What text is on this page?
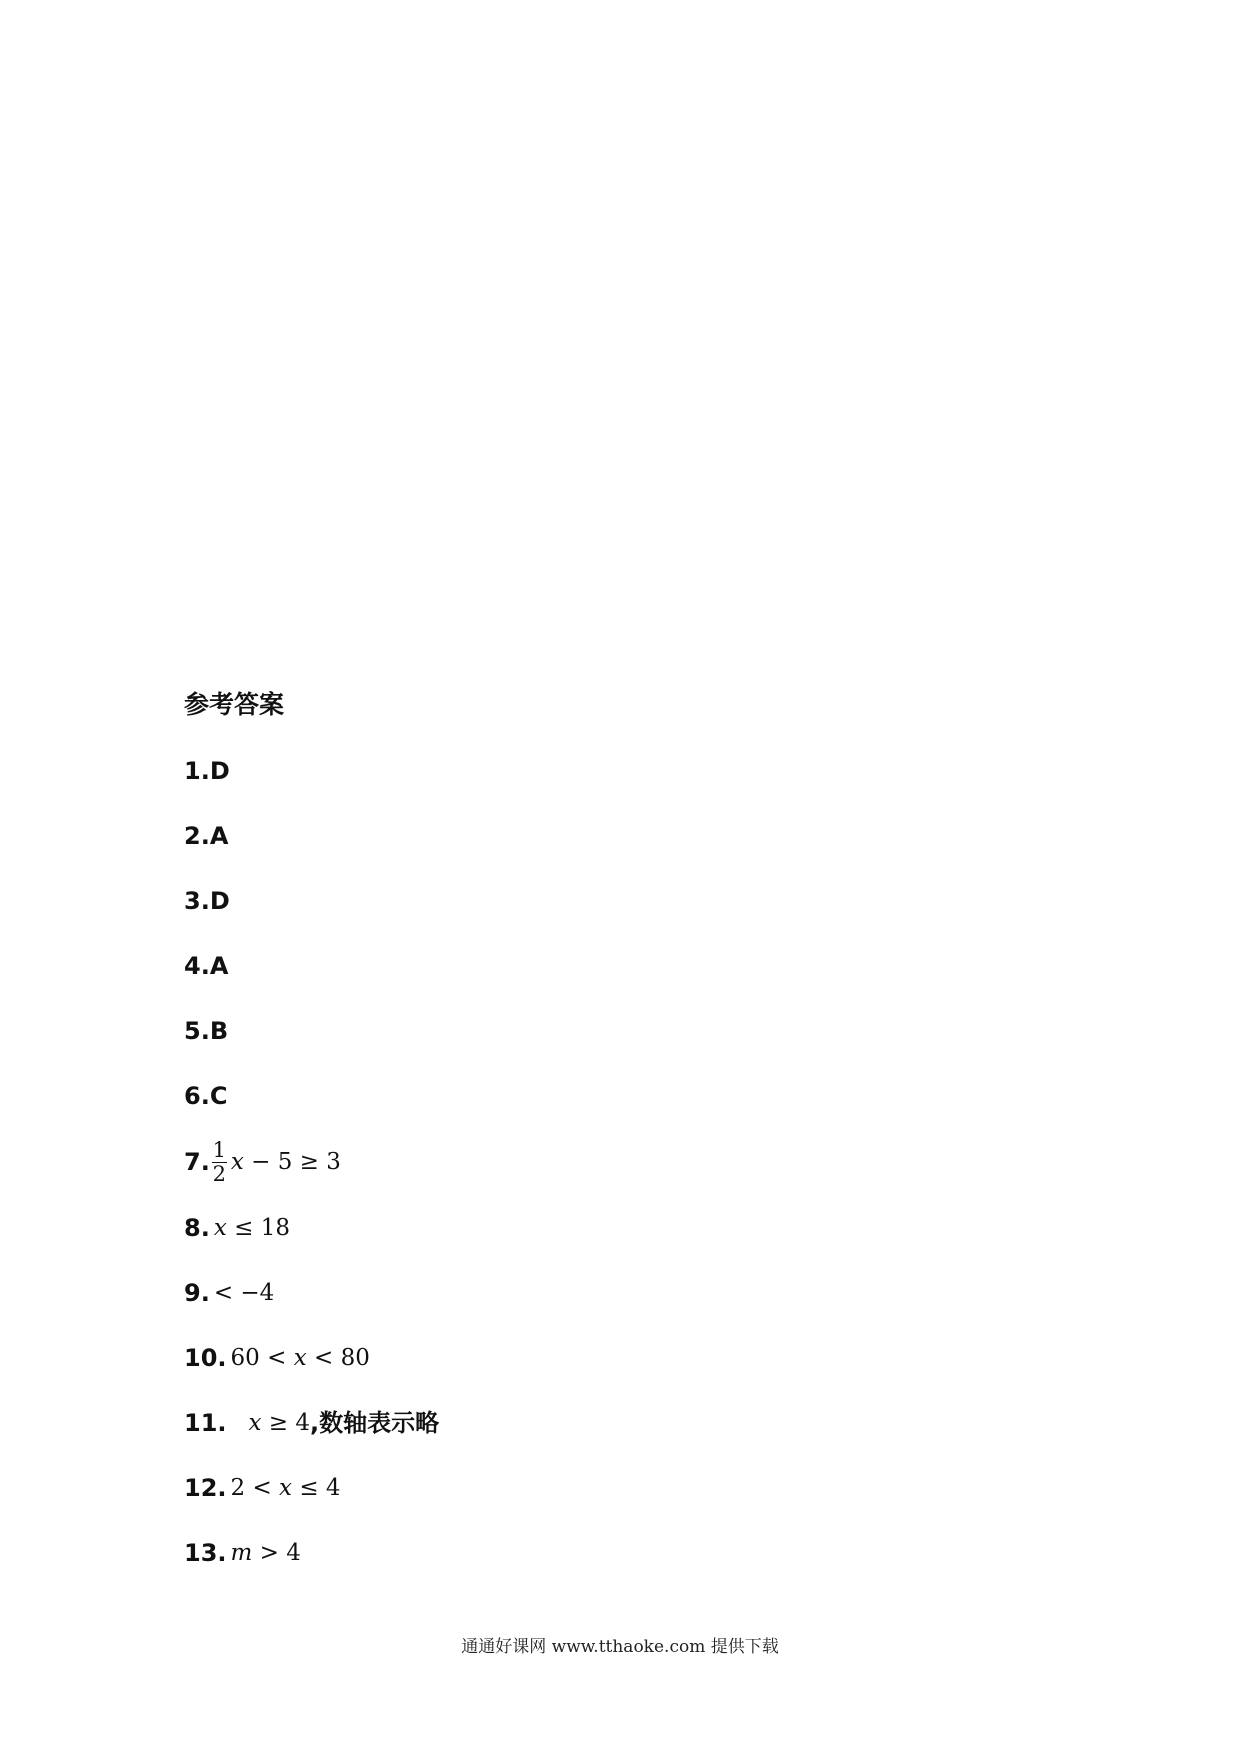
参考答案
1. D
2. A
3. D
4. A
5. B
6. C
7. $\frac{1}{2}$ x − 5 ≥ 3
8. x ≤ 18
9. < −4
10. 60 < x < 80
11. x ≥ 4 , 数轴表示略
12. 2 < x ≤ 4
13. m > 4
通通好课网 www.tthaoke.com 提供下载
